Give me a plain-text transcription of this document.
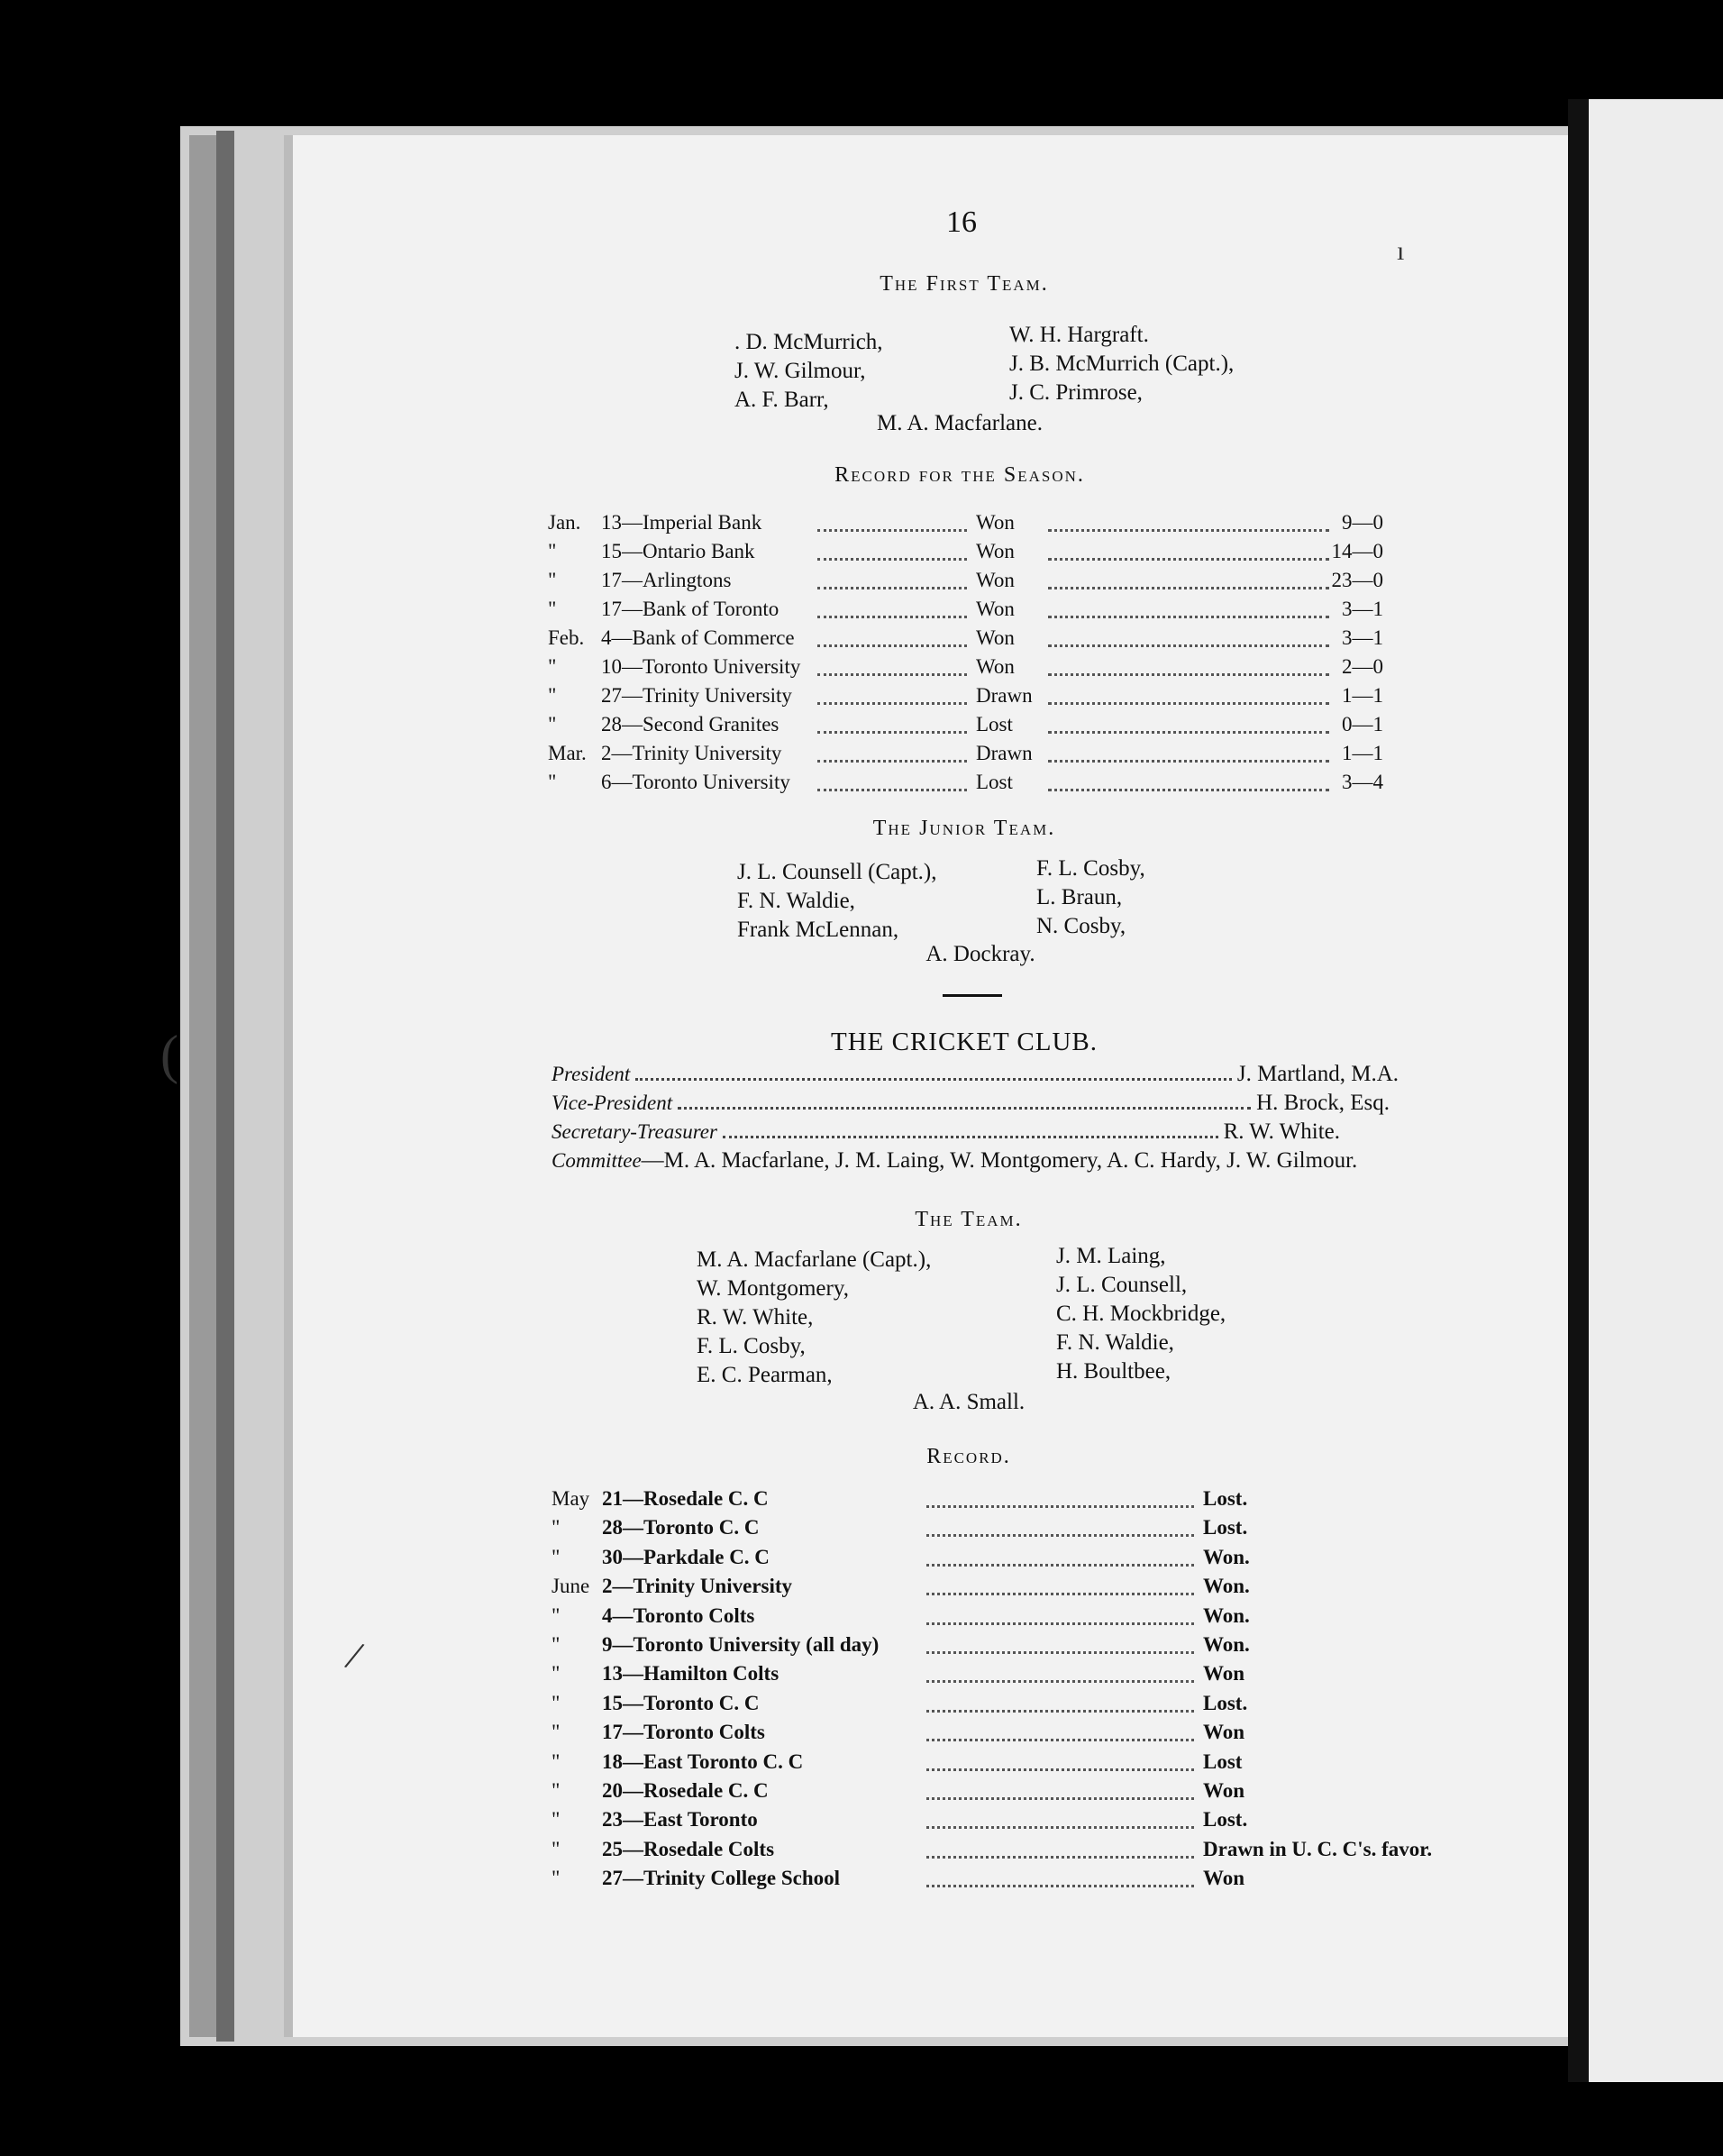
16
The First Team.
. D. McMurrich,
J. W. Gilmour,
A. F. Barr,
W. H. Hargraft.
J. B. McMurrich (Capt.),
J. C. Primrose,
M. A. Macfarlane.
Record for the Season.
Jan. 13—Imperial Bank	Won	9—0
"	15—Ontario Bank	Won	14—0
"	17—Arlingtons	Won	23—0
"	17—Bank of Toronto	Won	3—1
Feb. 4—Bank of Commerce	Won	3—1
"	10—Toronto University	Won	2—0
"	27—Trinity University	Drawn	1—1
"	28—Second Granites	Lost	0—1
Mar. 2—Trinity University	Drawn	1—1
"	6—Toronto University	Lost	3—4
The Junior Team.
J. L. Counsell (Capt.),
F. N. Waldie,
Frank McLennan,
F. L. Cosby,
L. Braun,
N. Cosby,
A. Dockray.
THE CRICKET CLUB.
President	J. Martland, M.A.
Vice-President	H. Brock, Esq.
Secretary-Treasurer	R. W. White.
Committee—M. A. Macfarlane, J. M. Laing, W. Montgomery, A. C. Hardy, J. W. Gilmour.
The Team.
M. A. Macfarlane (Capt.),
W. Montgomery,
R. W. White,
F. L. Cosby,
E. C. Pearman,
J. M. Laing,
J. L. Counsell,
C. H. Mockbridge,
F. N. Waldie,
H. Boultbee,
A. A. Small.
Record.
May 21—Rosedale C. C	Lost.
"	28—Toronto C. C	Lost.
"	30—Parkdale C. C	Won.
June 2—Trinity University	Won.
"	4—Toronto Colts	Won.
"	9—Toronto University (all day)	Won.
"	13—Hamilton Colts	Won
"	15—Toronto C. C	Lost.
"	17—Toronto Colts	Won
"	18—East Toronto C. C	Lost
"	20—Rosedale C. C	Won
"	23—East Toronto	Lost.
"	25—Rosedale Colts	Drawn in U. C. C's. favor.
"	27—Trinity College School	Won
(
ı
/
